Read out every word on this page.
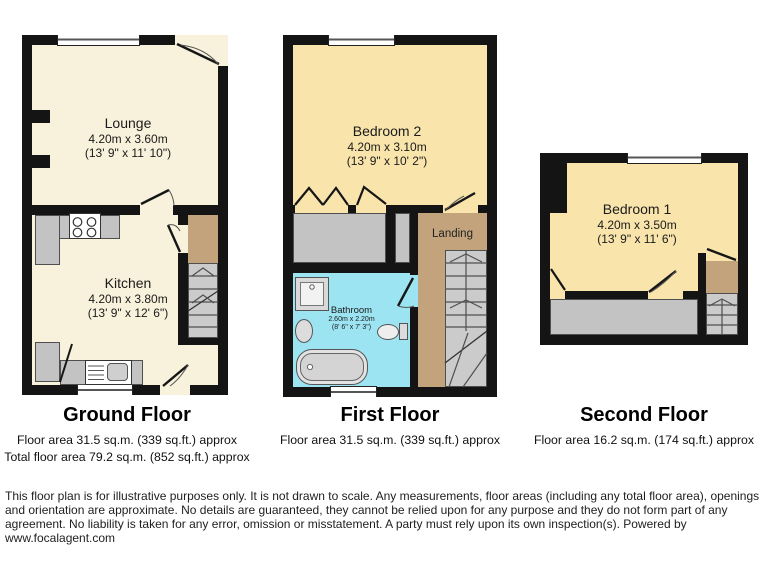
Lounge
4.20m x 3.60m
(13' 9" x 11' 10")
Kitchen
4.20m x 3.80m
(13' 9" x 12' 6")
Bedroom 2
4.20m x 3.10m
(13' 9" x 10' 2")
Bathroom
2.60m x 2.20m
(8' 6" x 7' 3")
Landing
Bedroom 1
4.20m x 3.50m
(13' 9" x 11' 6")
Ground Floor
Floor area 31.5 sq.m. (339 sq.ft.) approx
Total floor area 79.2 sq.m. (852 sq.ft.) approx
First Floor
Floor area 31.5 sq.m. (339 sq.ft.) approx
Second Floor
Floor area 16.2 sq.m. (174 sq.ft.) approx

This floor plan is for illustrative purposes only. It is not drawn to scale. Any measurements, floor areas (including any total floor area), openings and orientation are approximate. No details are guaranteed, they cannot be relied upon for any purpose and they do not form part of any agreement. No liability is taken for any error, omission or misstatement. A party must rely upon its own inspection(s). Powered by www.focalagent.com
